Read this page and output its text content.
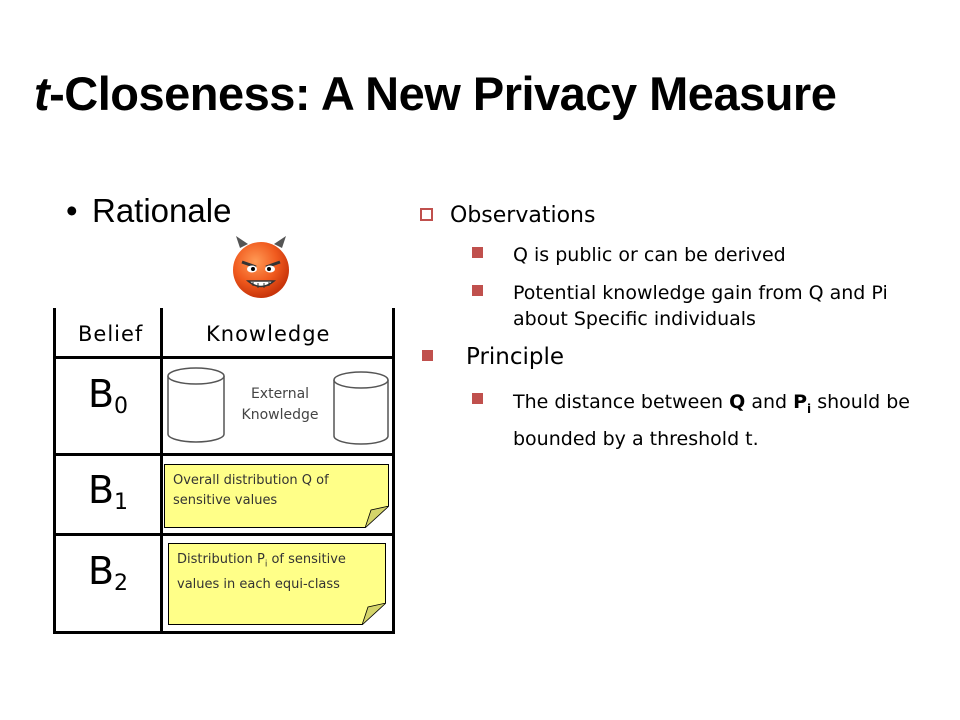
t-Closeness: A New Privacy Measure
• Rationale
Belief	Knowledge
$B_0$
$B_1$
$B_2$
External Knowledge
Overall distribution Q of sensitive values
Distribution $P_i$ of sensitive values in each equi-class
Observations
Q is public or can be derived
Potential knowledge gain from Q and Pi about Specific individuals
Principle
The distance between Q and $P_i$ should be bounded by a threshold t.
